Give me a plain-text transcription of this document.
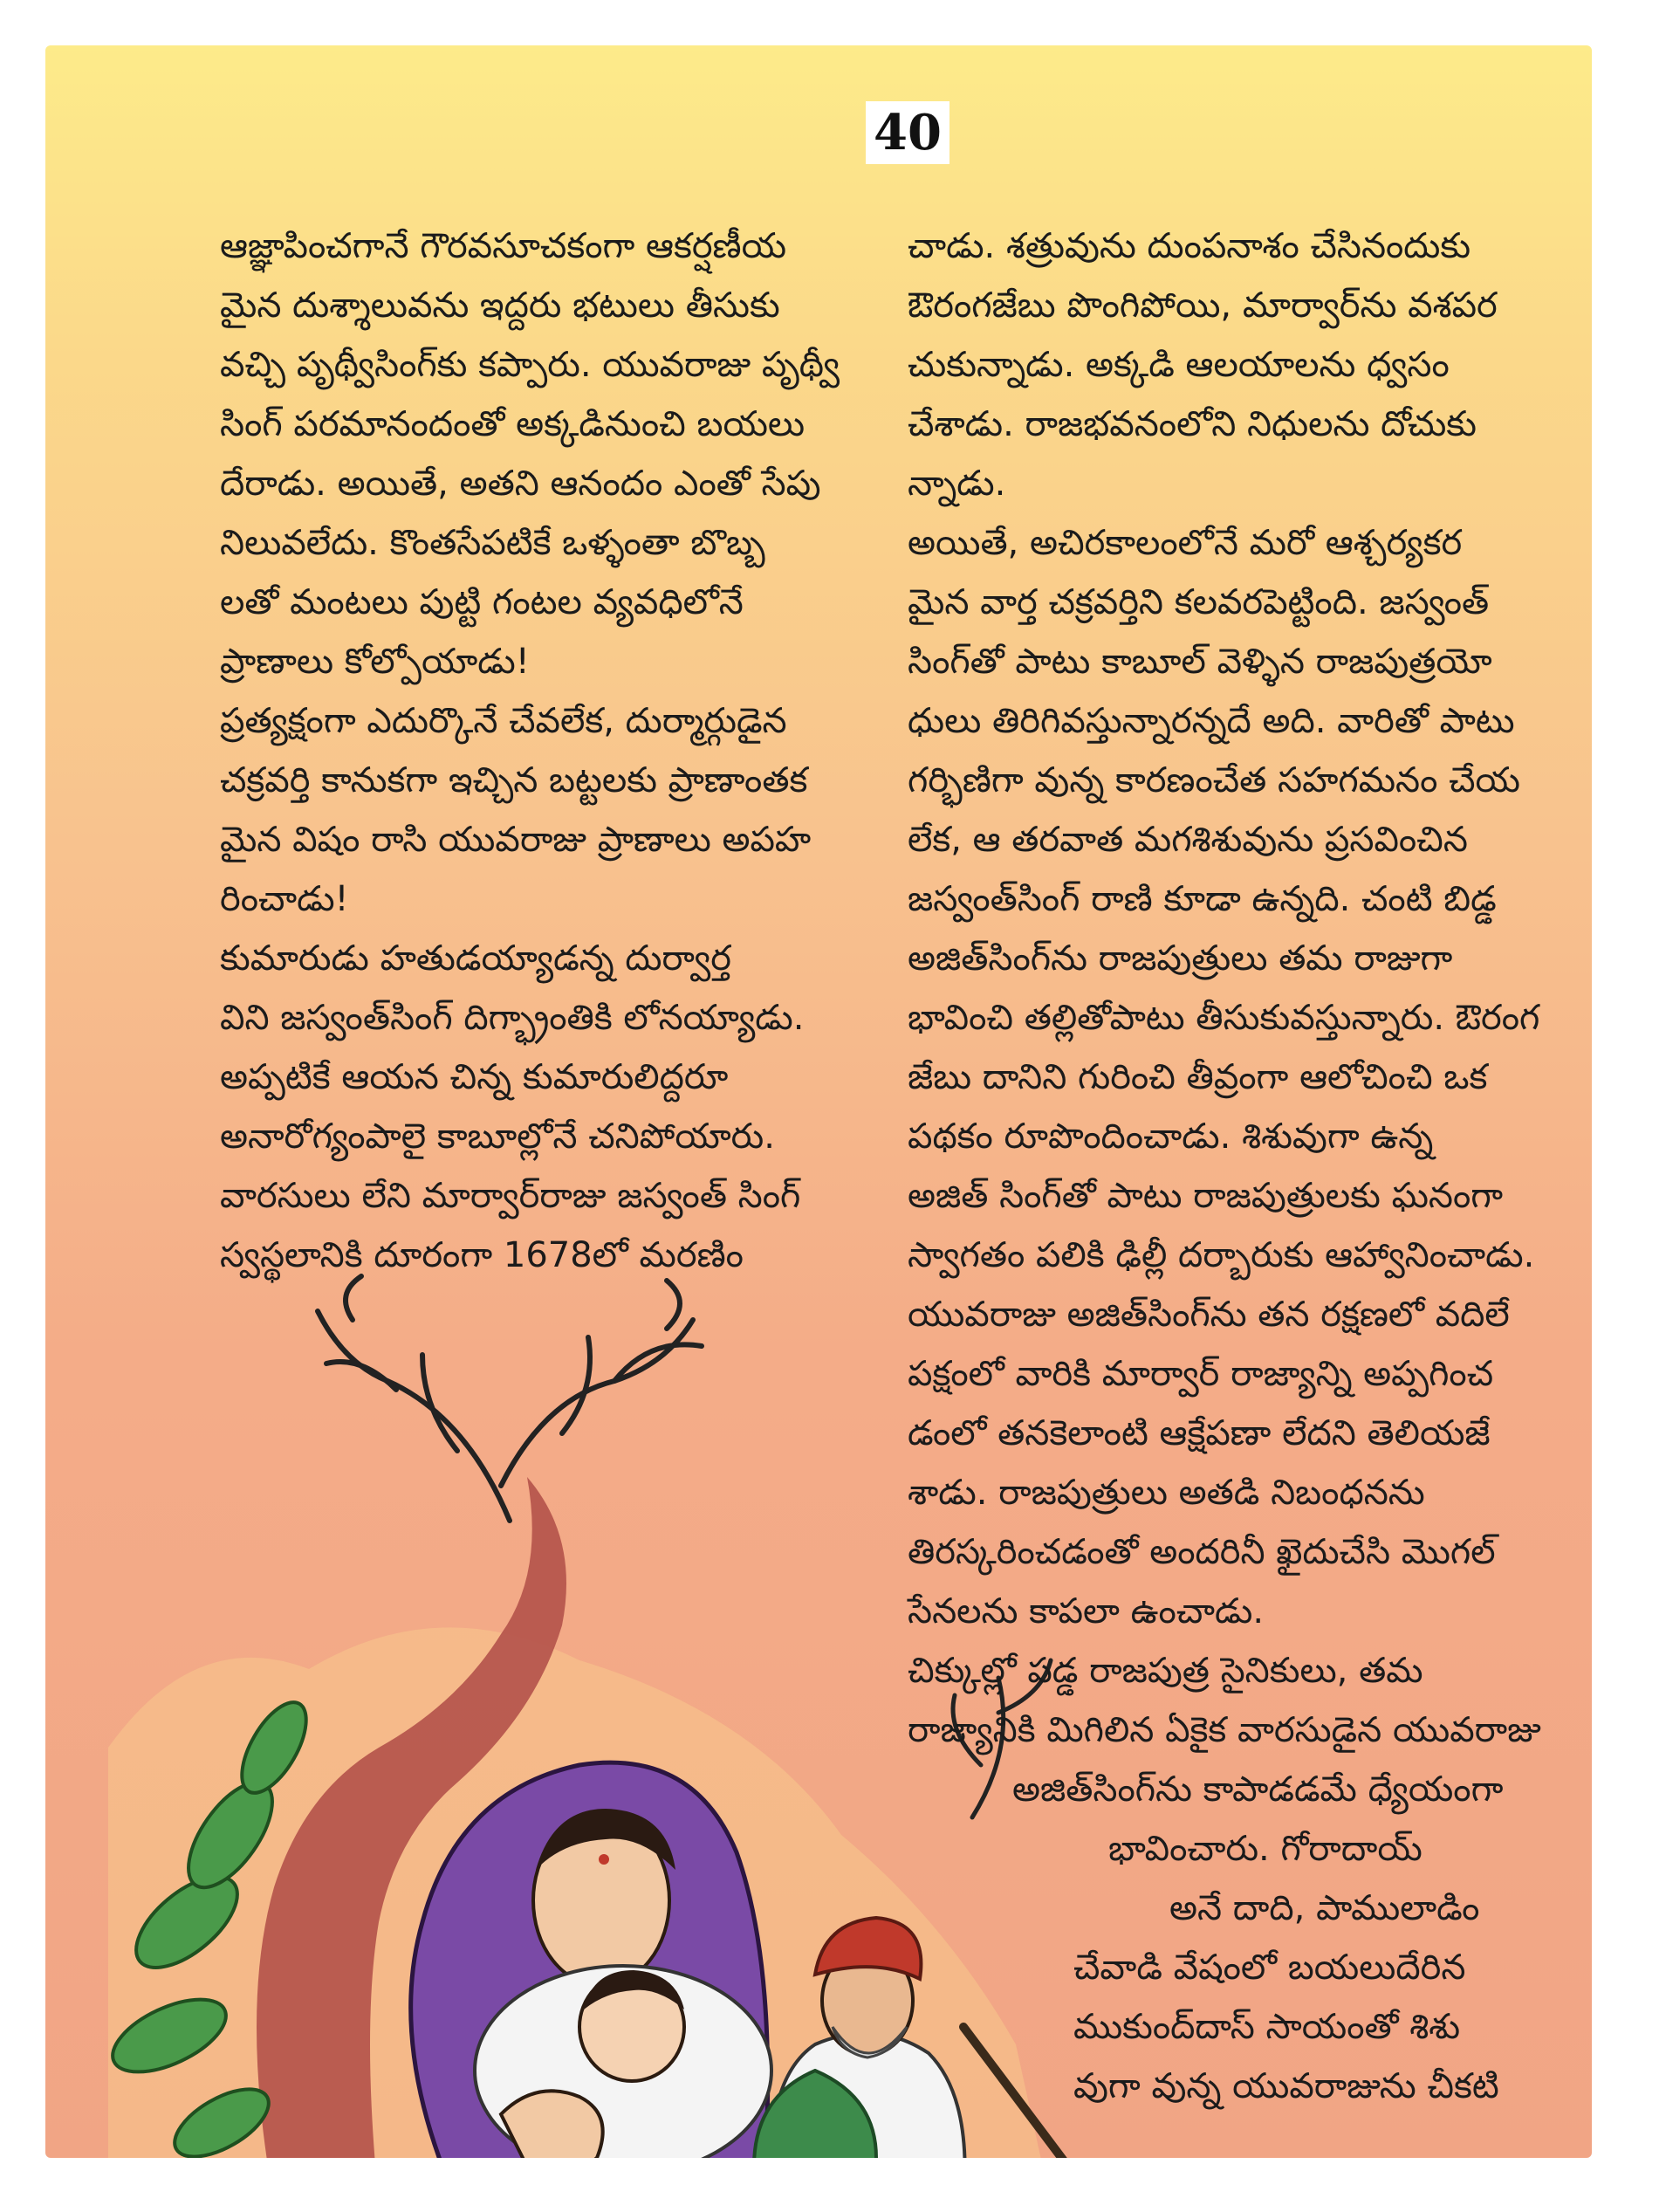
40

ఆజ్ఞాపించగానే గౌరవసూచకంగా ఆకర్షణీయ

మైన దుశ్శాలువను ఇద్దరు భటులు తీసుకు

వచ్చి పృథ్వీసింగ్‌కు కప్పారు. యువరాజు పృథ్వీ

సింగ్ పరమానందంతో అక్కడినుంచి బయలు

దేరాడు. అయితే, అతని ఆనందం ఎంతో సేపు

నిలువలేదు. కొంతసేపటికే ఒళ్ళంతా బొబ్బ

లతో మంటలు పుట్టి గంటల వ్యవధిలోనే

ప్రాణాలు కోల్పోయాడు!

ప్రత్యక్షంగా ఎదుర్కొనే చేవలేక, దుర్మార్గుడైన

చక్రవర్తి కానుకగా ఇచ్చిన బట్టలకు ప్రాణాంతక

మైన విషం రాసి యువరాజు ప్రాణాలు అపహ

రించాడు!

కుమారుడు హతుడయ్యాడన్న దుర్వార్త

విని జస్వంత్‌సింగ్ దిగ్భ్రాంతికి లోనయ్యాడు.

అప్పటికే ఆయన చిన్న కుమారులిద్దరూ

అనారోగ్యంపాలై కాబూల్లోనే చనిపోయారు.

వారసులు లేని మార్వార్‌రాజు జస్వంత్ సింగ్

స్వస్థలానికి దూరంగా 1678లో మరణిం

చాడు. శత్రువును దుంపనాశం చేసినందుకు

ఔరంగజేబు పొంగిపోయి, మార్వార్‌ను వశపర

చుకున్నాడు. అక్కడి ఆలయాలను ధ్వసం

చేశాడు. రాజభవనంలోని నిధులను దోచుకు

న్నాడు.

అయితే, అచిరకాలంలోనే మరో ఆశ్చర్యకర

మైన వార్త చక్రవర్తిని కలవరపెట్టింది. జస్వంత్

సింగ్‌తో పాటు కాబూల్ వెళ్ళిన రాజపుత్రయో

ధులు తిరిగివస్తున్నారన్నదే అది. వారితో పాటు

గర్భిణిగా వున్న కారణంచేత సహగమనం చేయ

లేక, ఆ తరవాత మగశిశువును ప్రసవించిన

జస్వంత్‌సింగ్ రాణి కూడా ఉన్నది. చంటి బిడ్డ

అజిత్‌సింగ్‌ను రాజపుత్రులు తమ రాజుగా

భావించి తల్లితోపాటు తీసుకువస్తున్నారు. ఔరంగ

జేబు దానిని గురించి తీవ్రంగా ఆలోచించి ఒక

పథకం రూపొందించాడు. శిశువుగా ఉన్న

అజిత్ సింగ్‌తో పాటు రాజపుత్రులకు ఘనంగా

స్వాగతం పలికి ఢిల్లీ దర్బారుకు ఆహ్వానించాడు.

యువరాజు అజిత్‌సింగ్‌ను తన రక్షణలో వదిలే

పక్షంలో వారికి మార్వార్ రాజ్యాన్ని అప్పగించ

డంలో తనకెలాంటి ఆక్షేపణా లేదని తెలియజే

శాడు. రాజపుత్రులు అతడి నిబంధనను

తిరస్కరించడంతో అందరినీ ఖైదుచేసి మొగల్

సేనలను కాపలా ఉంచాడు.

చిక్కుల్లో పడ్డ రాజపుత్ర సైనికులు, తమ

రాజ్యానికి మిగిలిన ఏకైక వారసుడైన యువరాజు

అజిత్‌సింగ్‌ను కాపాడడమే ధ్యేయంగా

భావించారు. గోరాదాయ్

అనే దాది, పాములాడిం

చేవాడి వేషంలో బయలుదేరిన

ముకుంద్‌దాస్ సాయంతో శిశు

వుగా వున్న యువరాజును చీకటి
